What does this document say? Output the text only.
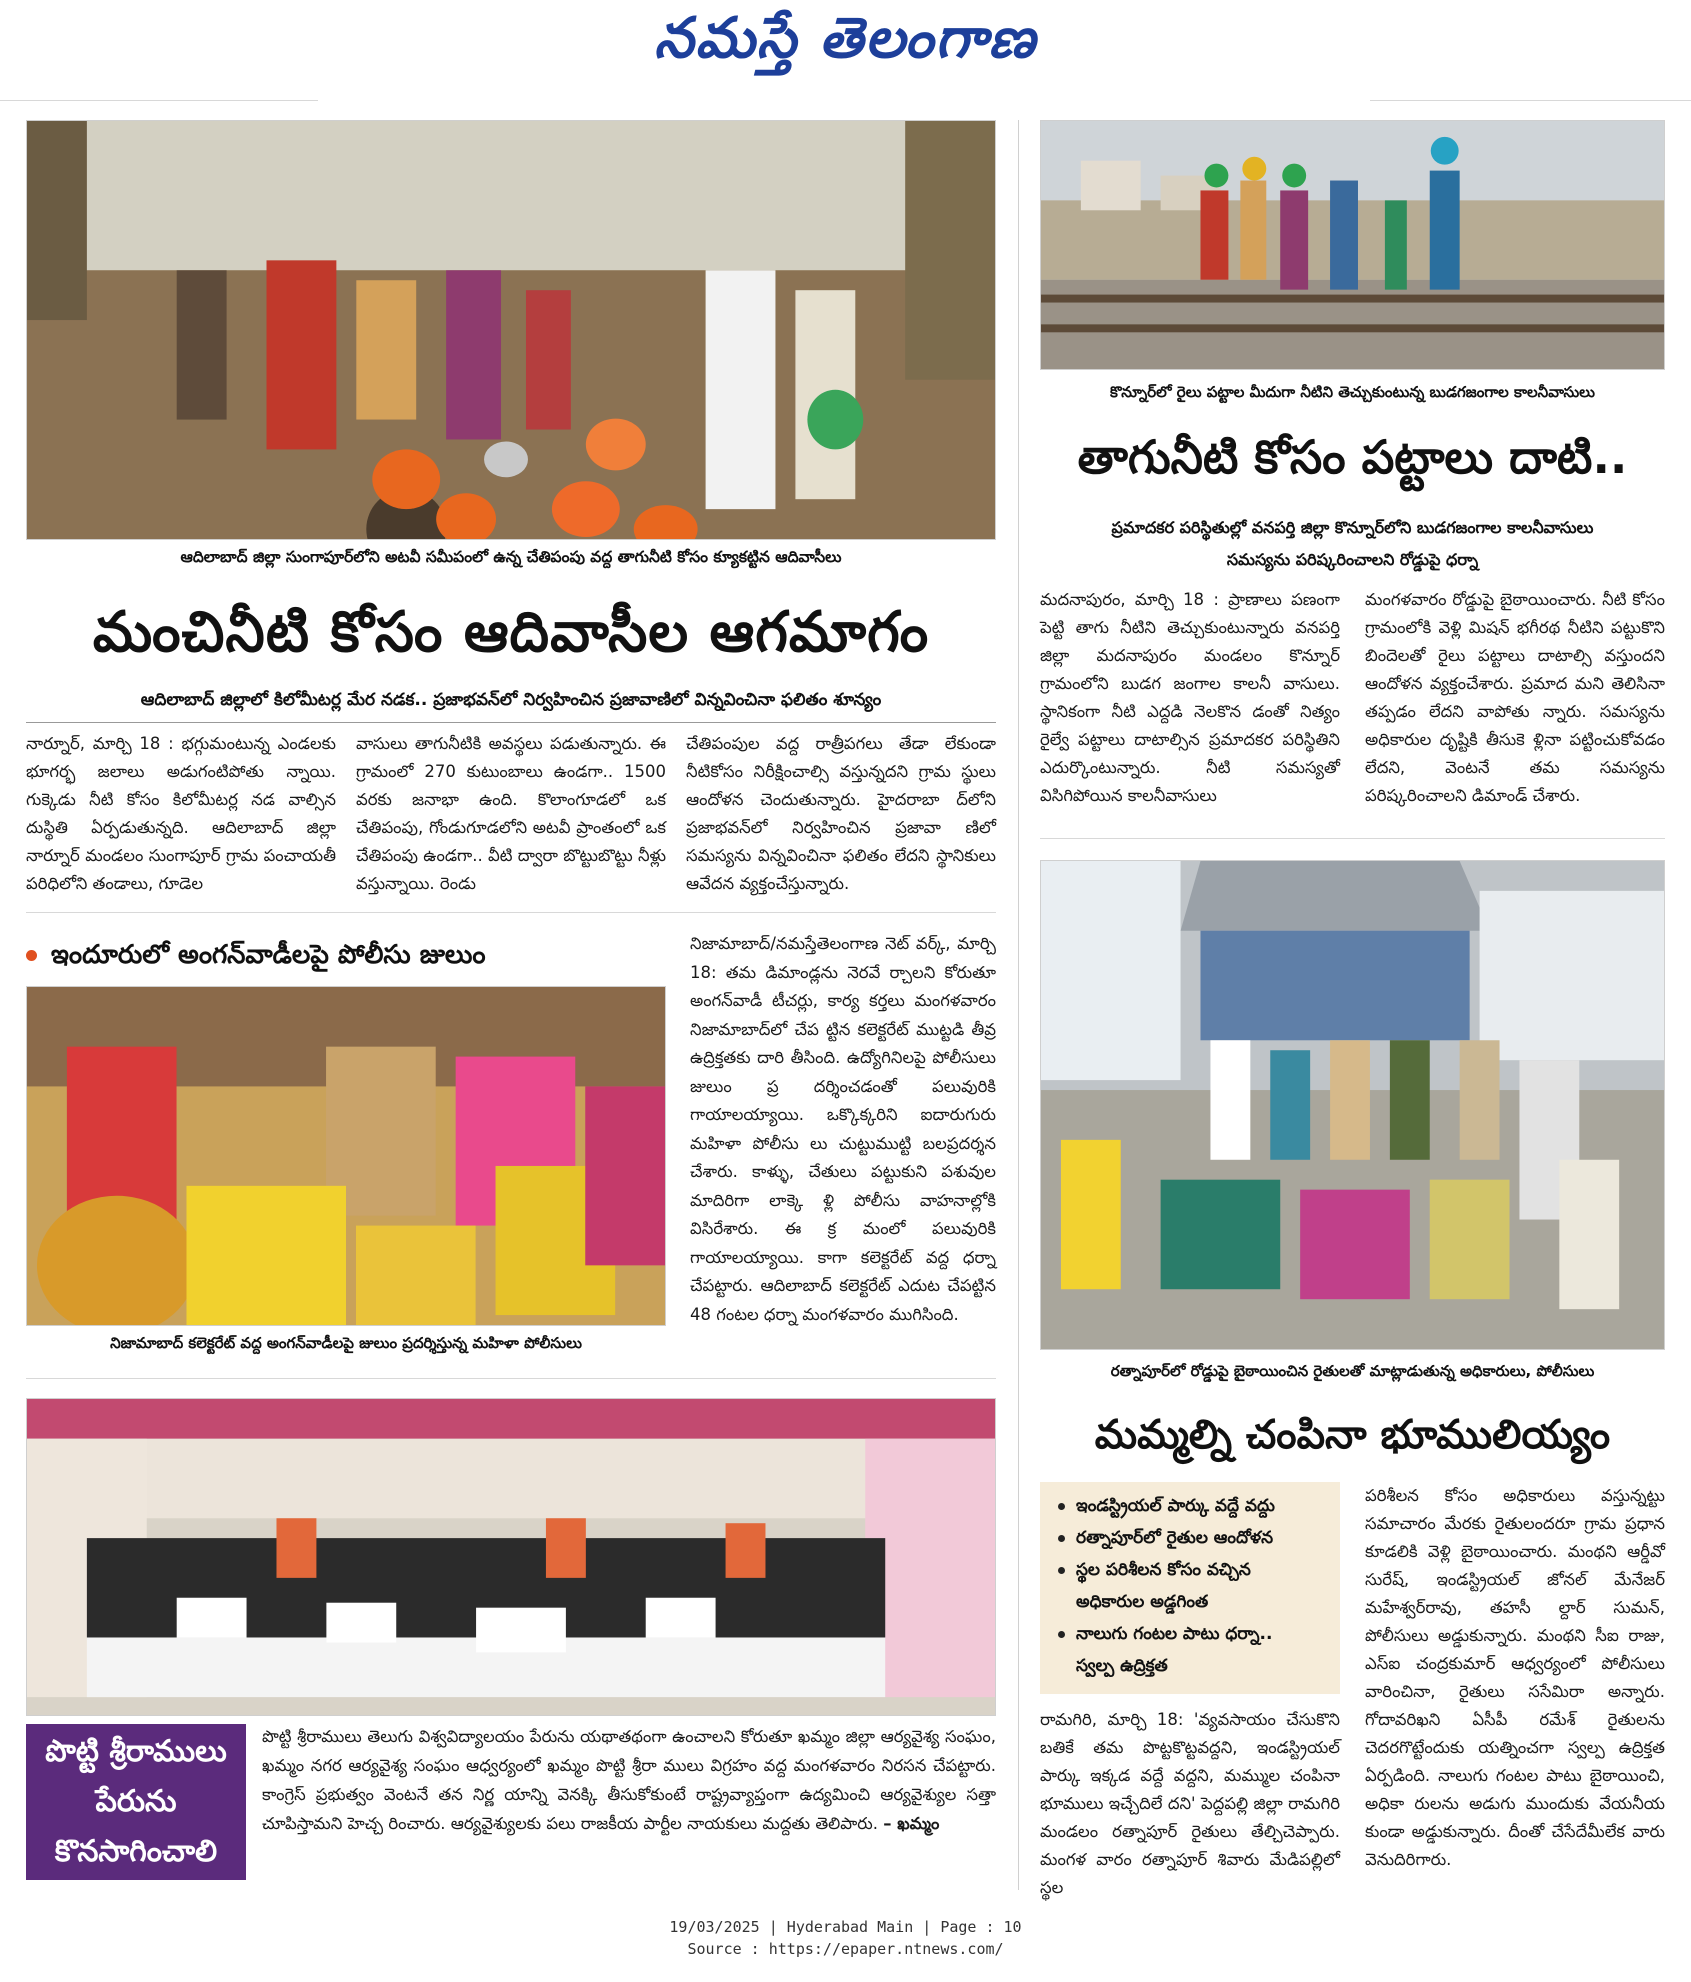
నమస్తే తెలంగాణ
ఆదిలాబాద్ జిల్లా సుంగాపూర్‌లోని అటవీ సమీపంలో ఉన్న చేతిపంపు వద్ద తాగునీటి కోసం క్యూకట్టిన ఆదివాసీలు
మంచినీటి కోసం ఆదివాసీల ఆగమాగం
ఆదిలాబాద్ జిల్లాలో కిలోమీటర్ల మేర నడక.. ప్రజాభవన్‌లో నిర్వహించిన ప్రజావాణిలో విన్నవించినా ఫలితం శూన్యం
నార్నూర్, మార్చి 18 : భగ్గుమంటున్న ఎండలకు భూగర్భ జలాలు అడుగంటిపోతు న్నాయి. గుక్కెడు నీటి కోసం కిలోమీటర్ల నడ వాల్సిన దుస్థితి ఏర్పడుతున్నది. ఆదిలాబాద్ జిల్లా నార్నూర్ మండలం సుంగాపూర్ గ్రామ పంచాయతీ పరిధిలోని తండాలు, గూడెల
వాసులు తాగునీటికి అవస్థలు పడుతున్నారు. ఈ గ్రామంలో 270 కుటుంబాలు ఉండగా.. 1500 వరకు జనాభా ఉంది. కొలాంగూడలో ఒక చేతిపంపు, గోండుగూడలోని అటవీ ప్రాంతంలో ఒక చేతిపంపు ఉండగా.. వీటి ద్వారా బొట్టుబొట్టు నీళ్లు వస్తున్నాయి. రెండు
చేతిపంపుల వద్ద రాత్రీపగలు తేడా లేకుండా నీటికోసం నిరీక్షించాల్సి వస్తున్నదని గ్రామ స్థులు ఆందోళన చెందుతున్నారు. హైదరాబా ద్‌లోని ప్రజాభవన్‌లో నిర్వహించిన ప్రజావా ణిలో సమస్యను విన్నవించినా ఫలితం లేదని స్థానికులు ఆవేదన వ్యక్తంచేస్తున్నారు.
కొన్నూర్‌లో రైలు పట్టాల మీదుగా నీటిని తెచ్చుకుంటున్న బుడగజంగాల కాలనీవాసులు
తాగునీటి కోసం పట్టాలు దాటి..
ప్రమాదకర పరిస్థితుల్లో వనపర్తి జిల్లా కొన్నూర్‌లోని బుడగజంగాల కాలనీవాసులు
సమస్యను పరిష్కరించాలని రోడ్డుపై ధర్నా
మదనాపురం, మార్చి 18 : ప్రాణాలు పణంగా పెట్టి తాగు నీటిని తెచ్చుకుంటున్నారు వనపర్తి జిల్లా మదనాపురం మండలం కొన్నూర్ గ్రామంలోని బుడగ జంగాల కాలనీ వాసులు. స్థానికంగా నీటి ఎద్దడి నెలకొన డంతో నిత్యం రైల్వే పట్టాలు దాటాల్సిన ప్రమాదకర పరిస్థితిని ఎదుర్కొంటున్నారు. నీటి సమస్యతో విసిగిపోయిన కాలనీవాసులు
మంగళవారం రోడ్డుపై బైఠాయించారు. నీటి కోసం గ్రామంలోకి వెళ్లి మిషన్ భగీరథ నీటిని పట్టుకొని బిందెలతో రైలు పట్టాలు దాటాల్సి వస్తుందని ఆందోళన వ్యక్తంచేశారు. ప్రమాద మని తెలిసినా తప్పడం లేదని వాపోతు న్నారు. సమస్యను అధికారుల దృష్టికి తీసుకె ళ్లినా పట్టించుకోవడం లేదని, వెంటనే తమ సమస్యను పరిష్కరించాలని డిమాండ్ చేశారు.
ఇందూరులో అంగన్‌వాడీలపై పోలీసు జులుం
నిజామాబాద్ కలెక్టరేట్ వద్ద అంగన్‌వాడీలపై జులుం ప్రదర్శిస్తున్న మహిళా పోలీసులు
నిజామాబాద్/నమస్తేతెలంగాణ నెట్ వర్క్, మార్చి 18: తమ డిమాండ్లను నెరవే ర్చాలని కోరుతూ అంగన్‌వాడీ టీచర్లు, కార్య కర్తలు మంగళవారం నిజామాబాద్‌లో చేప ట్టిన కలెక్టరేట్ ముట్టడి తీవ్ర ఉద్రిక్తతకు దారి తీసింది. ఉద్యోగినిలపై పోలీసులు జులుం ప్ర దర్శించడంతో పలువురికి గాయాలయ్యాయి. ఒక్కొక్కరిని ఐదారుగురు మహిళా పోలీసు లు చుట్టుముట్టి బలప్రదర్శన చేశారు. కాళ్ళు, చేతులు పట్టుకుని పశువుల మాదిరిగా లాక్కె ళ్లి పోలీసు వాహనాల్లోకి విసిరేశారు. ఈ క్ర మంలో పలువురికి గాయాలయ్యాయి. కాగా కలెక్టరేట్ వద్ద ధర్నా చేపట్టారు. ఆదిలాబాద్ కలెక్టరేట్ ఎదుట చేపట్టిన 48 గంటల ధర్నా మంగళవారం ముగిసింది.
రత్నాపూర్‌లో రోడ్డుపై బైఠాయించిన రైతులతో మాట్లాడుతున్న అధికారులు, పోలీసులు
మమ్మల్ని చంపినా భూములియ్యం
ఇండస్ట్రియల్ పార్కు వద్దే వద్దు
రత్నాపూర్‌లో రైతుల ఆందోళన
స్థల పరిశీలన కోసం వచ్చిన
అధికారుల అడ్డగింత
నాలుగు గంటల పాటు ధర్నా..
స్వల్ప ఉద్రిక్తత
రామగిరి, మార్చి 18: 'వ్యవసాయం చేసుకొని బతికే తమ పొట్టకొట్టవద్దని, ఇండస్ట్రియల్ పార్కు ఇక్కడ వద్దే వద్దని, మమ్ముల చంపినా భూములు ఇచ్చేదిలే దని' పెద్దపల్లి జిల్లా రామగిరి మండలం రత్నాపూర్ రైతులు తేల్చిచెప్పారు. మంగళ వారం రత్నాపూర్ శివారు మేడిపల్లిలో స్థల
పరిశీలన కోసం అధికారులు వస్తున్నట్టు సమాచారం మేరకు రైతులందరూ గ్రామ ప్రధాన కూడలికి వెళ్లి బైఠాయించారు. మంథని ఆర్డీవో సురేష్, ఇండస్ట్రియల్ జోనల్ మేనేజర్ మహేశ్వర్‌రావు, తహసీ ల్దార్ సుమన్, పోలీసులు అడ్డుకున్నారు. మంథని సీఐ రాజు, ఎస్ఐ చంద్రకుమార్ ఆధ్వర్యంలో పోలీసులు వారించినా, రైతులు ససేమిరా అన్నారు. గోదావరిఖని ఏసీపీ రమేశ్ రైతులను చెదరగొట్టేందుకు యత్నించగా స్వల్ప ఉద్రిక్తత ఏర్పడింది. నాలుగు గంటల పాటు బైఠాయించి, అధికా రులను అడుగు ముందుకు వేయనీయ కుండా అడ్డుకున్నారు. దీంతో చేసేదేమీలేక వారు వెనుదిరిగారు.
పొట్టి శ్రీరాములు
పేరును
కొనసాగించాలి
పొట్టి శ్రీరాములు తెలుగు విశ్వవిద్యాలయం పేరును యథాతథంగా ఉంచాలని కోరుతూ ఖమ్మం జిల్లా ఆర్యవైశ్య సంఘం, ఖమ్మం నగర ఆర్యవైశ్య సంఘం ఆధ్వర్యంలో ఖమ్మం పొట్టి శ్రీరా ములు విగ్రహం వద్ద మంగళవారం నిరసన చేపట్టారు. కాంగ్రెస్ ప్రభుత్వం వెంటనే తన నిర్ణ యాన్ని వెనక్కి తీసుకోకుంటే రాష్ట్రవ్యాప్తంగా ఉద్యమించి ఆర్యవైశ్యుల సత్తా చూపిస్తామని హెచ్చ రించారు. ఆర్యవైశ్యులకు పలు రాజకీయ పార్టీల నాయకులు మద్దతు తెలిపారు. – ఖమ్మం
19/03/2025 | Hyderabad Main | Page : 10
Source : https://epaper.ntnews.com/
